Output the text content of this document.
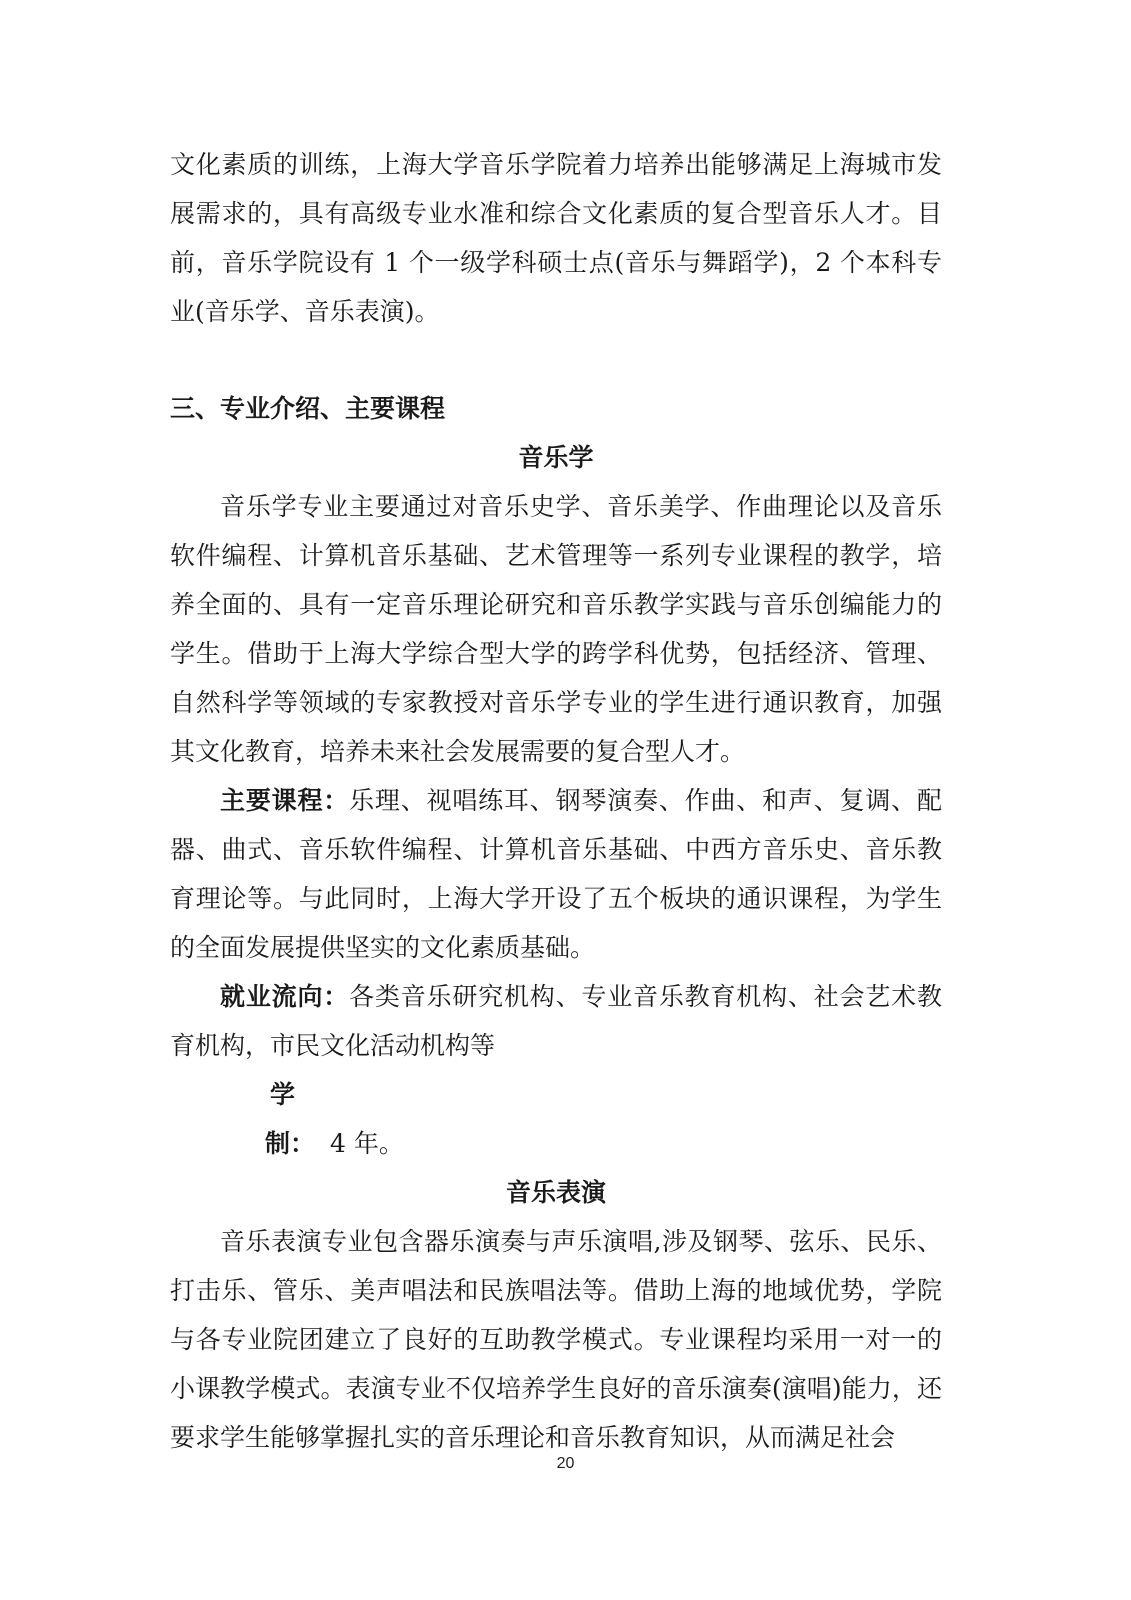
文化素质的训练，上海大学音乐学院着力培养出能够满足上海城市发展需求的，具有高级专业水准和综合文化素质的复合型音乐人才。目前，音乐学院设有 1 个一级学科硕士点(音乐与舞蹈学)，2 个本科专业(音乐学、音乐表演)。

三、专业介绍、主要课程

音乐学

音乐学专业主要通过对音乐史学、音乐美学、作曲理论以及音乐软件编程、计算机音乐基础、艺术管理等一系列专业课程的教学，培养全面的、具有一定音乐理论研究和音乐教学实践与音乐创编能力的学生。借助于上海大学综合型大学的跨学科优势，包括经济、管理、自然科学等领域的专家教授对音乐学专业的学生进行通识教育，加强其文化教育，培养未来社会发展需要的复合型人才。

主要课程：乐理、视唱练耳、钢琴演奏、作曲、和声、复调、配器、曲式、音乐软件编程、计算机音乐基础、中西方音乐史、音乐教育理论等。与此同时，上海大学开设了五个板块的通识课程，为学生的全面发展提供坚实的文化素质基础。

就业流向：各类音乐研究机构、专业音乐教育机构、社会艺术教育机构，市民文化活动机构等

学制： 4 年。

音乐表演

音乐表演专业包含器乐演奏与声乐演唱,涉及钢琴、弦乐、民乐、打击乐、管乐、美声唱法和民族唱法等。借助上海的地域优势，学院与各专业院团建立了良好的互助教学模式。专业课程均采用一对一的小课教学模式。表演专业不仅培养学生良好的音乐演奏(演唱)能力，还要求学生能够掌握扎实的音乐理论和音乐教育知识，从而满足社会

20
